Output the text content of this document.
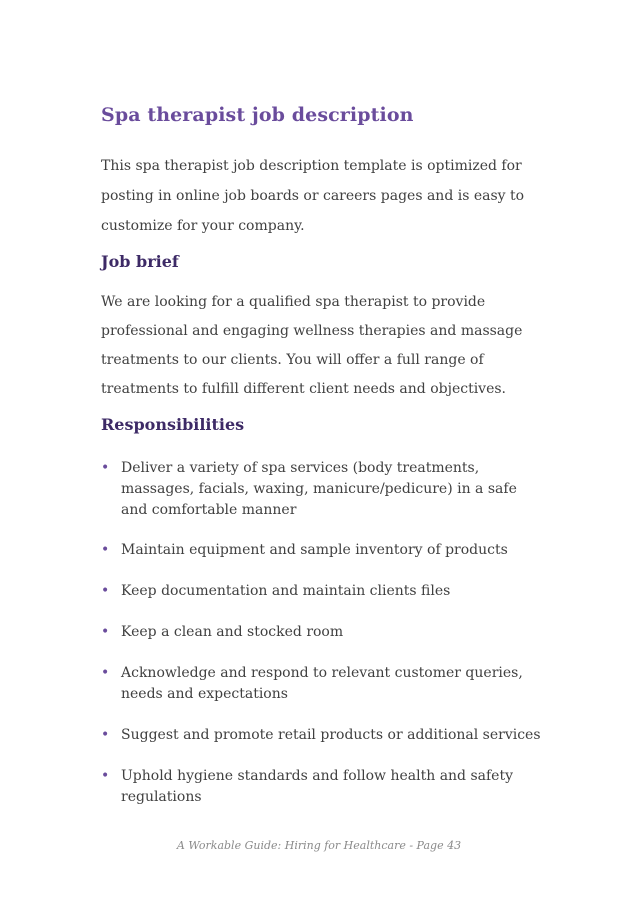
Spa therapist job description

This spa therapist job description template is optimized for posting in online job boards or careers pages and is easy to customize for your company.

Job brief

We are looking for a qualified spa therapist to provide professional and engaging wellness therapies and massage treatments to our clients. You will offer a full range of treatments to fulfill different client needs and objectives.

Responsibilities
• Deliver a variety of spa services (body treatments, massages, facials, waxing, manicure/pedicure) in a safe and comfortable manner
• Maintain equipment and sample inventory of products
• Keep documentation and maintain clients files
• Keep a clean and stocked room
• Acknowledge and respond to relevant customer queries, needs and expectations
• Suggest and promote retail products or additional services
• Uphold hygiene standards and follow health and safety regulations

A Workable Guide: Hiring for Healthcare - Page 43
